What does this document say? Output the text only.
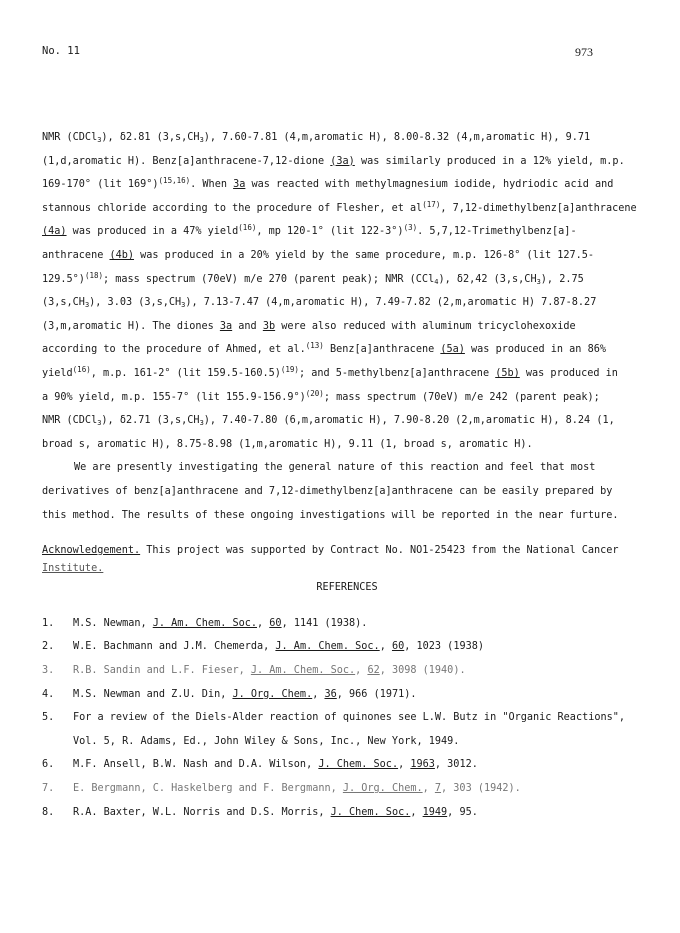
No. 11	973
NMR (CDCl$_3$), δ2.81 $(3,s,CH_3)$, 7.60-7.81 (4,m,aromatic H), 8.00-8.32 (4,m,aromatic H), 9.71
(1,d,aromatic H). Benz[a]anthracene-7,12-dione (3a) was similarly produced in a 12% yield, m.p.
169-170° (lit 169°)$^{(15,16)}$. When 3a was reacted with methylmagnesium iodide, hydriodic acid and
stannous chloride according to the procedure of Flesher, et $al^{(17)}$, 7,12-dimethylbenz[a]anthracene
(4a) was produced in a 47% yield$^{(16)}$, mp 120-1° (lit 122-3°)$^{(3)}$. 5,7,12-Trimethylbenz[a]-
anthracene (4b) was produced in a 20% yield by the same procedure, m.p. 126-8° (lit 127.5-
129.5°)$^{(18)}$; mass spectrum (70eV) m/e 270 (parent peak); NMR (CCl$_4$), δ2,42 $(3,s,CH_3)$, 2.75
$(3,s,CH_3)$, 3.03 $(3,s,CH_3)$, 7.13-7.47 (4,m,aromatic H), 7.49-7.82 (2,m,aromatic H) 7.87-8.27
(3,m,aromatic H). The diones 3a and 3b were also reduced with aluminum tricyclohexoxide
according to the procedure of Ahmed, et al.$^{(13)}$ Benz[a]anthracene (5a) was produced in an 86%
yield$^{(16)}$, m.p. 161-2° (lit 159.5-160.5)$^{(19)}$; and 5-methylbenz[a]anthracene (5b) was produced in
a 90% yield, m.p. 155-7° (lit 155.9-156.9°)$^{(20)}$; mass spectrum (70eV) m/e 242 (parent peak);
NMR (CDCl$_3$), δ2.71 $(3,s,CH_3)$, 7.40-7.80 (6,m,aromatic H), 7.90-8.20 (2,m,aromatic H), 8.24 (1,
broad s, aromatic H), 8.75-8.98 (1,m,aromatic H), 9.11 (1, broad s, aromatic H).
We are presently investigating the general nature of this reaction and feel that most
derivatives of benz[a]anthracene and 7,12-dimethylbenz[a]anthracene can be easily prepared by
this method. The results of these ongoing investigations will be reported in the near furture.
Acknowledgement. This project was supported by Contract No. NO1-25423 from the National Cancer
Institute.
REFERENCES
1.	M.S. Newman, J. Am. Chem. Soc., 60, 1141 (1938).
2.	W.E. Bachmann and J.M. Chemerda, J. Am. Chem. Soc., 60, 1023 (1938)
3.	R.B. Sandin and L.F. Fieser, J. Am. Chem. Soc., 62, 3098 (1940).
4.	M.S. Newman and Z.U. Din, J. Org. Chem., 36, 966 (1971).
5.	For a review of the Diels-Alder reaction of quinones see L.W. Butz in "Organic Reactions",
Vol. 5, R. Adams, Ed., John Wiley & Sons, Inc., New York, 1949.
6.	M.F. Ansell, B.W. Nash and D.A. Wilson, J. Chem. Soc., 1963, 3012.
7.	E. Bergmann, C. Haskelberg and F. Bergmann, J. Org. Chem., 7, 303 (1942).
8.	R.A. Baxter, W.L. Norris and D.S. Morris, J. Chem. Soc., 1949, 95.
